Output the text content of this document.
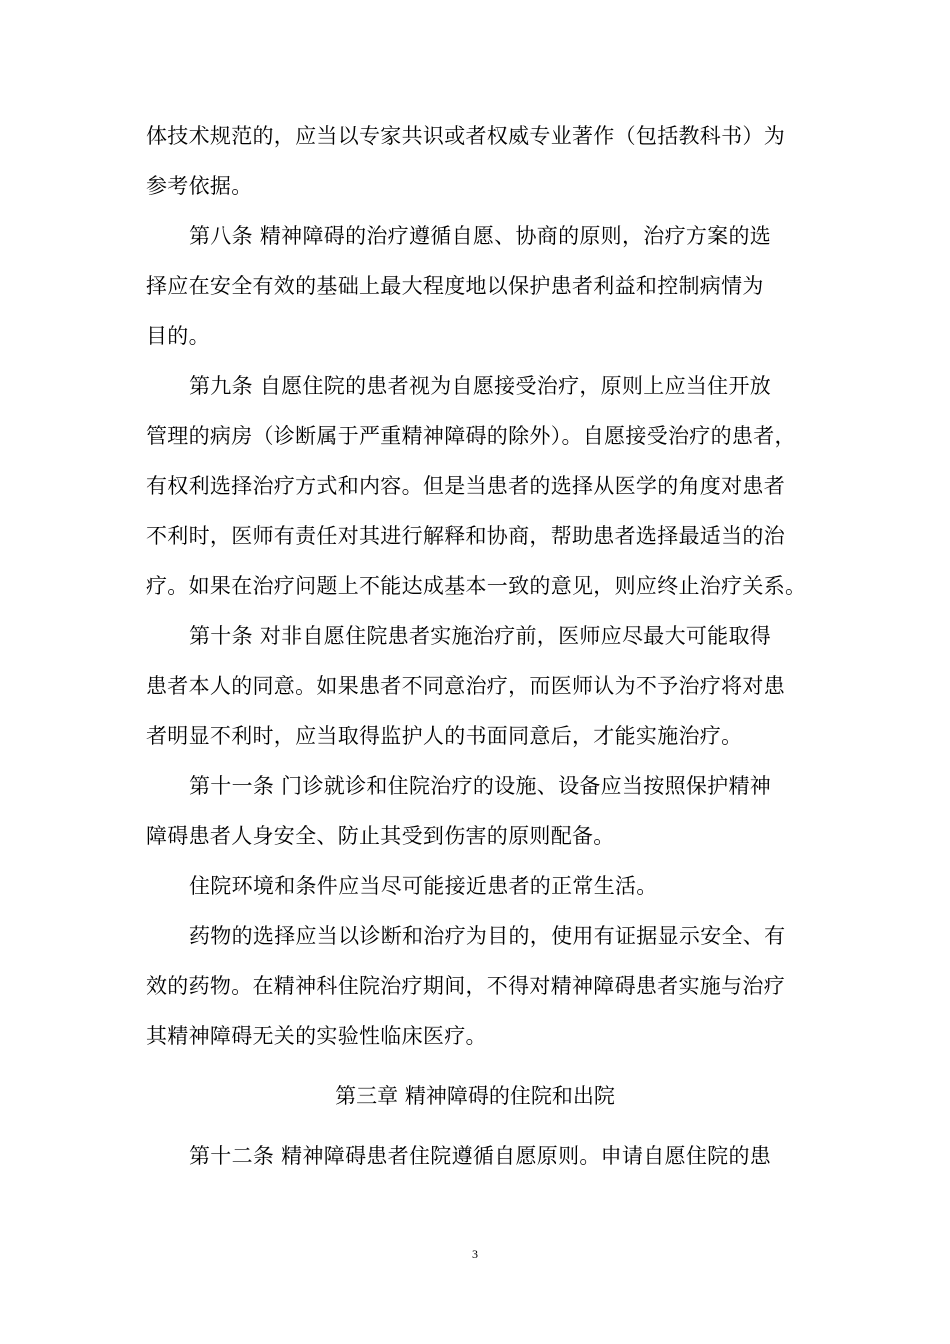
体技术规范的，应当以专家共识或者权威专业著作（包括教科书）为
参考依据。
第八条 精神障碍的治疗遵循自愿、协商的原则，治疗方案的选
择应在安全有效的基础上最大程度地以保护患者利益和控制病情为
目的。
第九条 自愿住院的患者视为自愿接受治疗，原则上应当住开放
管理的病房（诊断属于严重精神障碍的除外）。自愿接受治疗的患者，
有权利选择治疗方式和内容。但是当患者的选择从医学的角度对患者
不利时，医师有责任对其进行解释和协商，帮助患者选择最适当的治
疗。如果在治疗问题上不能达成基本一致的意见，则应终止治疗关系。
第十条 对非自愿住院患者实施治疗前，医师应尽最大可能取得
患者本人的同意。如果患者不同意治疗，而医师认为不予治疗将对患
者明显不利时，应当取得监护人的书面同意后，才能实施治疗。
第十一条 门诊就诊和住院治疗的设施、设备应当按照保护精神
障碍患者人身安全、防止其受到伤害的原则配备。
住院环境和条件应当尽可能接近患者的正常生活。
药物的选择应当以诊断和治疗为目的，使用有证据显示安全、有
效的药物。在精神科住院治疗期间，不得对精神障碍患者实施与治疗
其精神障碍无关的实验性临床医疗。
第三章 精神障碍的住院和出院
第十二条 精神障碍患者住院遵循自愿原则。申请自愿住院的患
3
